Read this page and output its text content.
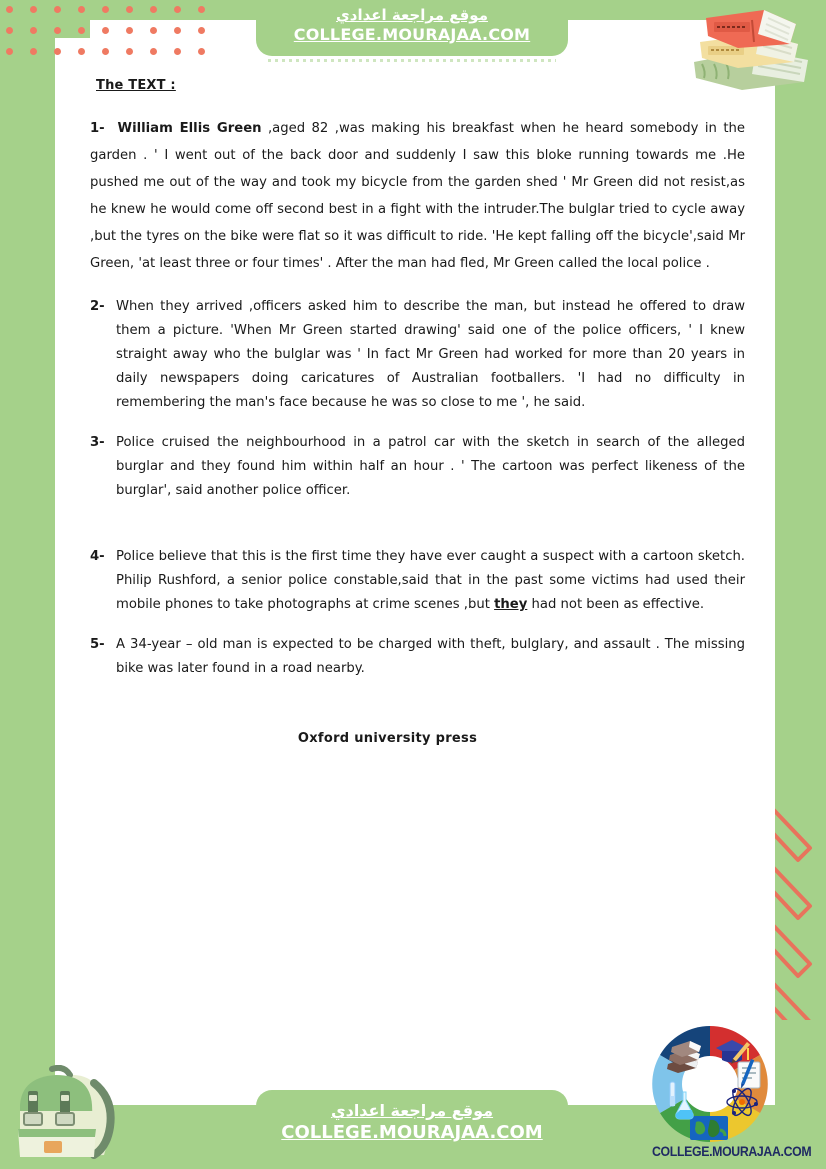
موقع مراجعة اعدادي
COLLEGE.MOURAJAA.COM
موقع مراجعة اعدادي
COLLEGE.MOURAJAA.COM
COLLEGE.MOURAJAA.COM
The TEXT :

1- William Ellis Green ,aged 82 ,was making his breakfast when he heard somebody in the garden . ' I went out of the back door and suddenly I saw this bloke running towards me .He pushed me out of the way and took my bicycle from the garden shed ' Mr Green did not resist,as he knew he would come off second best in a fight with the intruder.The bulglar tried to cycle away ,but the tyres on the bike were flat so it was difficult to ride. 'He kept falling off the bicycle',said Mr Green, 'at least three or four times' . After the man had fled, Mr Green called the local police .

2- When they arrived ,officers asked him to describe the man, but instead he offered to draw them a picture. 'When Mr Green started drawing' said one of the police officers, ' I knew straight away who the bulglar was ' In fact Mr Green had worked for more than 20 years in daily newspapers doing caricatures of Australian footballers. 'I had no difficulty in remembering the man's face because he was so close to me ', he said.

3- Police cruised the neighbourhood in a patrol car with the sketch in search of the alleged burglar and they found him within half an hour . ' The cartoon was perfect likeness of the burglar', said another police officer.

4- Police believe that this is the first time they have ever caught a suspect with a cartoon sketch. Philip Rushford, a senior police constable,said that in the past some victims had used their mobile phones to take photographs at crime scenes ,but they had not been as effective.

5- A 34-year – old man is expected to be charged with theft, bulglary, and assault . The missing bike was later found in a road nearby.

Oxford university press
